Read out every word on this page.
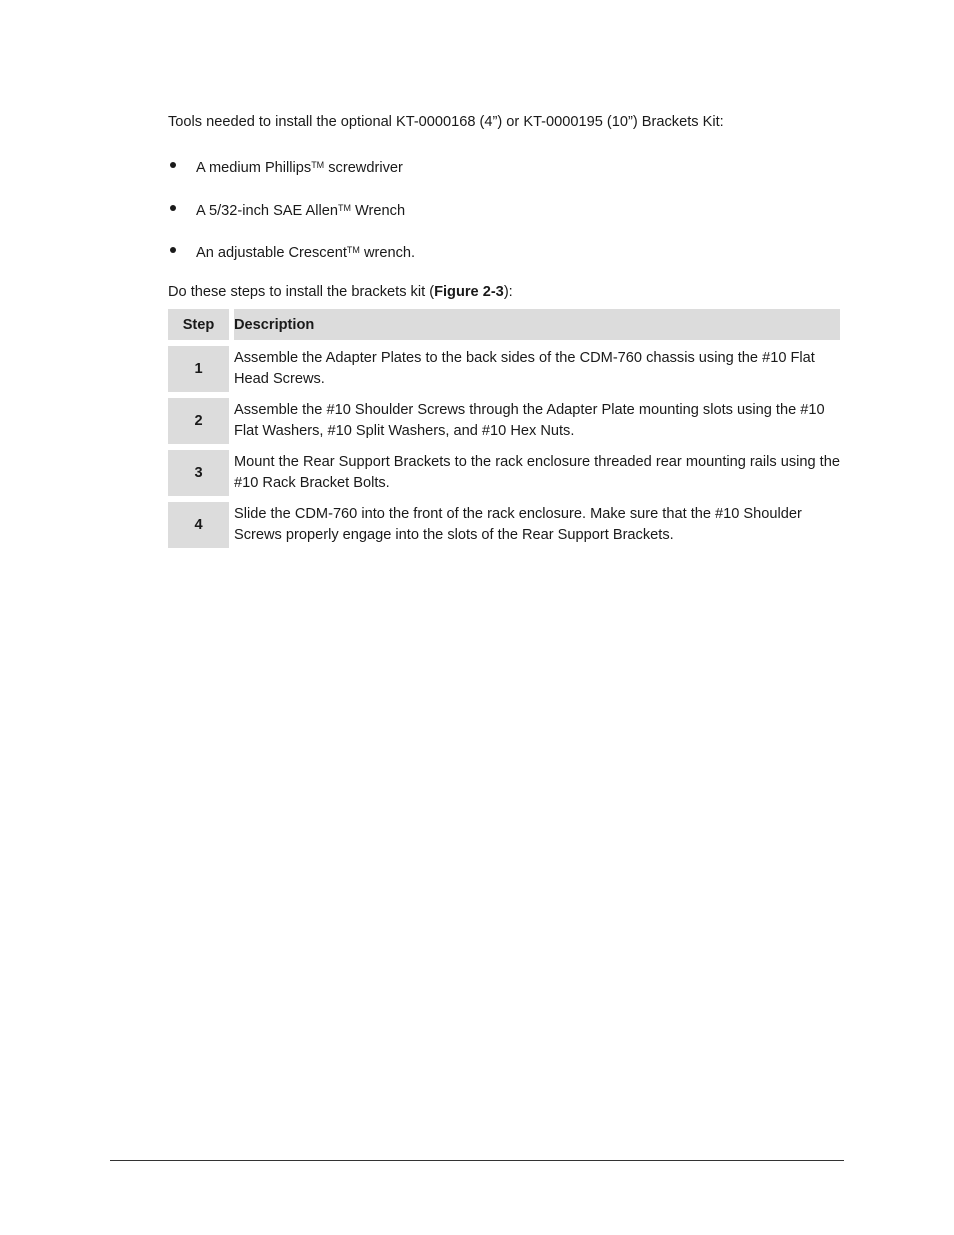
Tools needed to install the optional KT-0000168 (4”) or KT-0000195 (10”) Brackets Kit:

A medium Phillips™ screwdriver
A 5/32-inch SAE Allen™ Wrench
An adjustable Crescent™ wrench.

Do these steps to install the brackets kit (Figure 2-3):

Step		Description

1		Assemble the Adapter Plates to the back sides of the CDM-760 chassis using the #10 Flat Head Screws.

2		Assemble the #10 Shoulder Screws through the Adapter Plate mounting slots using the #10 Flat Washers, #10 Split Washers, and #10 Hex Nuts.

3		Mount the Rear Support Brackets to the rack enclosure threaded rear mounting rails using the #10 Rack Bracket Bolts.

4		Slide the CDM-760 into the front of the rack enclosure. Make sure that the #10 Shoulder Screws properly engage into the slots of the Rear Support Brackets.
